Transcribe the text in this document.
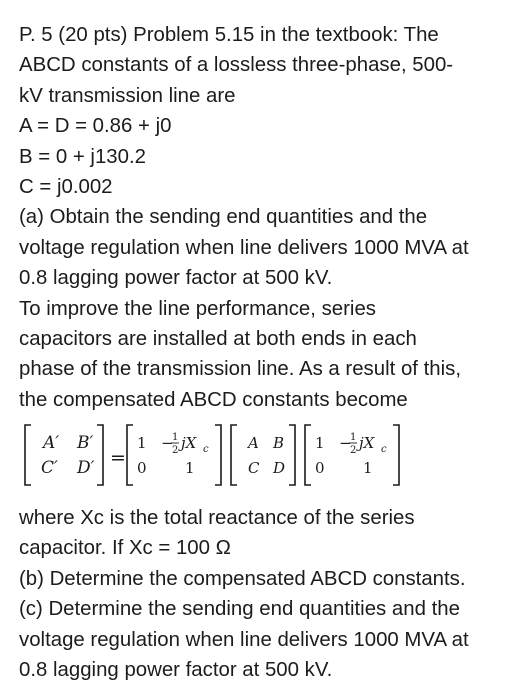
P. 5 (20 pts) Problem 5.15 in the textbook: The
ABCD constants of a lossless three-phase, 500-
kV transmission line are
A = D = 0.86 + j0
B = 0 + j130.2
C = j0.002
(a) Obtain the sending end quantities and the
voltage regulation when line delivers 1000 MVA at
0.8 lagging power factor at 500 kV.
To improve the line performance, series
capacitors are installed at both ends in each
phase of the transmission line. As a result of this,
the compensated ABCD constants become
A′ B′
C′ D′ =
1 −
1
2 jX c
0	1
A B
C D
1 −
1
2 jX c
0	1
where Xc is the total reactance of the series
capacitor. If Xc = 100 Ω
(b) Determine the compensated ABCD constants.
(c) Determine the sending end quantities and the
voltage regulation when line delivers 1000 MVA at
0.8 lagging power factor at 500 kV.
